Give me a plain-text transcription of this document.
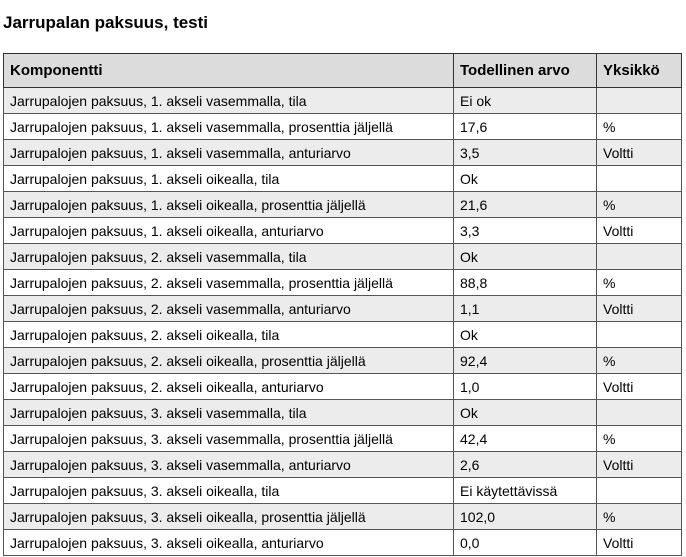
Jarrupalan paksuus, testi
Komponentti	Todellinen arvo	Yksikkö
Jarrupalojen paksuus, 1. akseli vasemmalla, tila	Ei ok	
Jarrupalojen paksuus, 1. akseli vasemmalla, prosenttia jäljellä	17,6	%
Jarrupalojen paksuus, 1. akseli vasemmalla, anturiarvo	3,5	Voltti
Jarrupalojen paksuus, 1. akseli oikealla, tila	Ok	
Jarrupalojen paksuus, 1. akseli oikealla, prosenttia jäljellä	21,6	%
Jarrupalojen paksuus, 1. akseli oikealla, anturiarvo	3,3	Voltti
Jarrupalojen paksuus, 2. akseli vasemmalla, tila	Ok	
Jarrupalojen paksuus, 2. akseli vasemmalla, prosenttia jäljellä	88,8	%
Jarrupalojen paksuus, 2. akseli vasemmalla, anturiarvo	1,1	Voltti
Jarrupalojen paksuus, 2. akseli oikealla, tila	Ok	
Jarrupalojen paksuus, 2. akseli oikealla, prosenttia jäljellä	92,4	%
Jarrupalojen paksuus, 2. akseli oikealla, anturiarvo	1,0	Voltti
Jarrupalojen paksuus, 3. akseli vasemmalla, tila	Ok	
Jarrupalojen paksuus, 3. akseli vasemmalla, prosenttia jäljellä	42,4	%
Jarrupalojen paksuus, 3. akseli vasemmalla, anturiarvo	2,6	Voltti
Jarrupalojen paksuus, 3. akseli oikealla, tila	Ei käytettävissä	
Jarrupalojen paksuus, 3. akseli oikealla, prosenttia jäljellä	102,0	%
Jarrupalojen paksuus, 3. akseli oikealla, anturiarvo	0,0	Voltti
